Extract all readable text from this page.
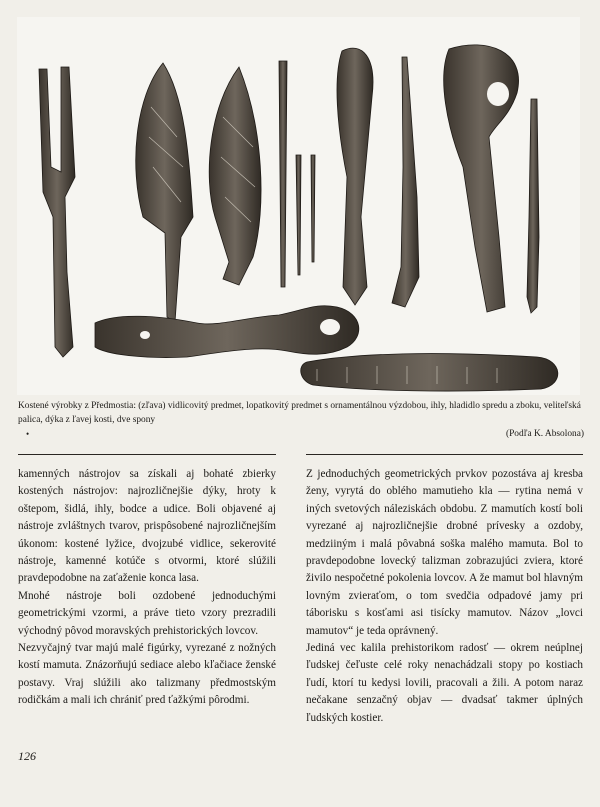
Kostené výrobky z Předmostia: (zľava) vidlicovitý predmet, lopatkovitý predmet s ornamentálnou výzdobou, ihly, hladidlo spredu a zboku, veliteľská palica, dýka z ľavej kosti, dve spony
•	(Podľa K. Absolona)

kamenných nástrojov sa získali aj bohaté zbierky kostených nástrojov: najrozličnejšie dýky, hroty k oštepom, šidlá, ihly, bodce a udice. Boli objavené aj nástroje zvláštnych tvarov, prispôsobené najrozličnejším úkonom: kostené lyžice, dvojzubé vidlice, sekerovité nástroje, kamenné kotúče s otvormi, ktoré slúžili pravdepodobne na zaťaženie konca lasa.

Mnohé nástroje boli ozdobené jednoduchými geometrickými vzormi, a práve tieto vzory prezradili východný pôvod moravských prehistorických lovcov.

Nezvyčajný tvar majú malé figúrky, vyrezané z nožných kostí mamuta. Znázorňujú sediace alebo kľačiace ženské postavy. Vraj slúžili ako talizmany předmostským rodičkám a mali ich chrániť pred ťažkými pôrodmi.

Z jednoduchých geometrických prvkov pozostáva aj kresba ženy, vyrytá do oblého mamutieho kla — rytina nemá v iných svetových náleziskách obdobu. Z mamutích kostí boli vyrezané aj najrozličnejšie drobné prívesky a ozdoby, medziiným i malá pôvabná soška malého mamuta. Bol to pravdepodobne lovecký talizman zobrazujúci zviera, ktoré živilo nespočetné pokolenia lovcov. A že mamut bol hlavným lovným zvieraťom, o tom svedčia odpadové jamy pri táborisku s kosťami asi tisícky mamutov. Názov „lovci mamutov“ je teda oprávnený.

Jediná vec kalila prehistorikom radosť — okrem neúplnej ľudskej čeľuste celé roky nenachádzali stopy po kostiach ľudí, ktorí tu kedysi lovili, pracovali a žili. A potom naraz nečakane senzačný objav — dvadsať takmer úplných ľudských kostier.

126
